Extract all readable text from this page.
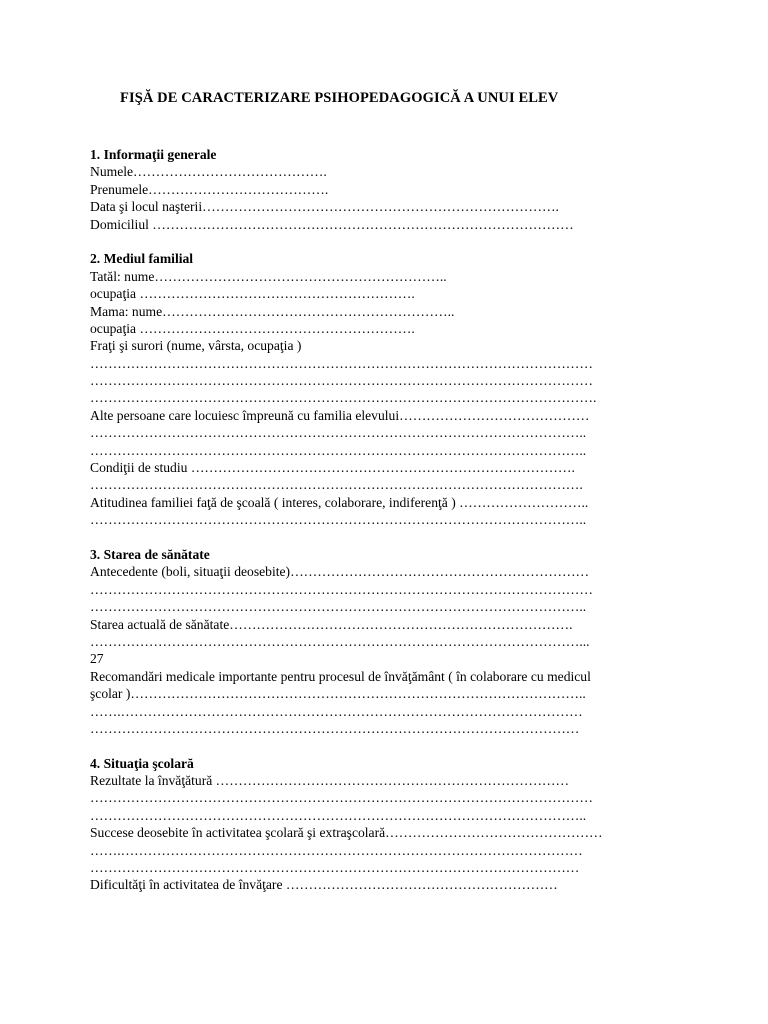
FIŞĂ DE CARACTERIZARE PSIHOPEDAGOGICĂ A UNUI ELEV
1. Informaţii generale
Numele…………………………………….
Prenumele………………………………….
Data şi locul naşterii…………………………………………………………………….
Domiciliul …………………………………………………………………………………
2. Mediul familial
Tatăl: nume………………………………………………………..
ocupaţia …………………………………………………….
Mama: nume………………………………………………………..
ocupaţia …………………………………………………….
Fraţi şi surori (nume, vârsta, ocupaţia )
…………………………………………………………………………………………………
…………………………………………………………………………………………………
………………………………………………………………………………………………….
Alte persoane care locuiesc împreună cu familia elevului……………………………………
………………………………………………………………………………………………..
………………………………………………………………………………………………..
Condiţii de studiu ………………………………………………………………………….
……………………………………………………………………………………………….
Atitudinea familiei faţă de şcoală ( interes, colaborare, indiferenţă ) ………………………..
………………………………………………………………………………………………..
3. Starea de sănătate
Antecedente (boli, situaţii deosebite)…………………………………………………………
…………………………………………………………………………………………………
………………………………………………………………………………………………..
Starea actuală de sănătate………………………………………………………………….
………………………………………………………………………………………………...
27
Recomandări medicale importante pentru procesul de învăţământ ( în colaborare cu medicul
şcolar )………………………………………………………………………………………..
…….…………………………………………………………………………………………
………………………………………………………………………………………………
4. Situaţia şcolară
Rezultate la învăţătură ……………………………………………………………………
…………………………………………………………………………………………………
………………………………………………………………………………………………..
Succese deosebite în activitatea şcolară şi extraşcolară…………………………………………
…….…………………………………………………………………………………………
………………………………………………………………………………………………
Dificultăţi în activitatea de învăţare ……………………………………………………
